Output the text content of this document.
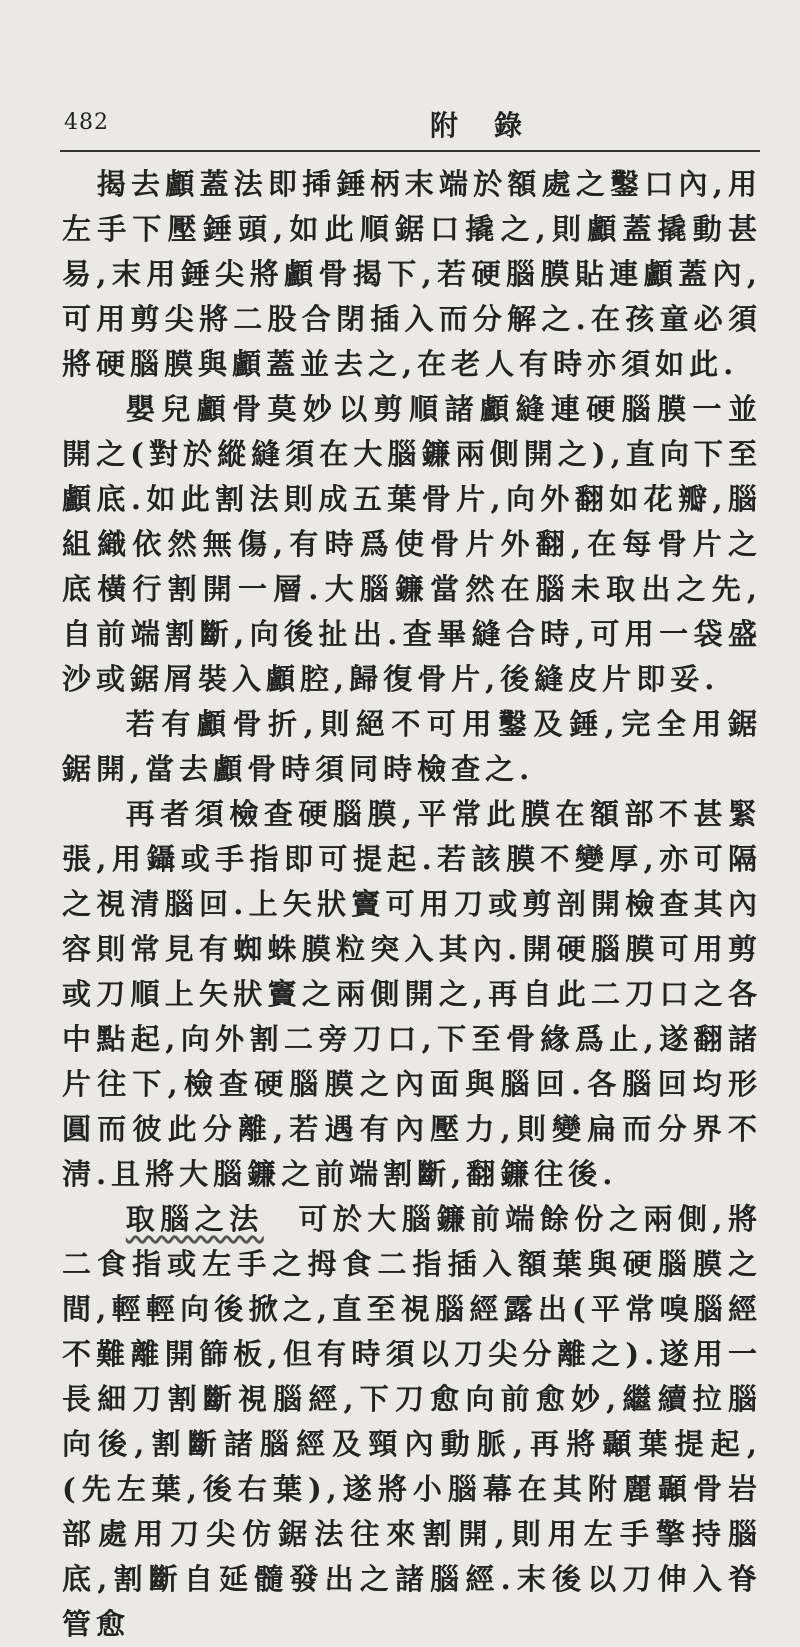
482	附錄

揭去顱蓋法即揷錘柄末端於額處之鑿口內,用左手下壓錘頭,如此順鋸口撬之,則顱蓋撬動甚易,末用錘尖將顱骨揭下,若硬腦膜貼連顱蓋內,可用剪尖將二股合閉插入而分解之.在孩童必須將硬腦膜與顱蓋並去之,在老人有時亦須如此.

嬰兒顱骨莫妙以剪順諸顱縫連硬腦膜一並開之(對於縱縫須在大腦鐮兩側開之),直向下至顱底.如此割法則成五葉骨片,向外翻如花瓣,腦組織依然無傷,有時爲使骨片外翻,在每骨片之底橫行割開一層.大腦鐮當然在腦未取出之先,自前端割斷,向後扯出.查畢縫合時,可用一袋盛沙或鋸屑裝入顱腔,歸復骨片,後縫皮片即妥.

若有顱骨折,則絕不可用鑿及錘,完全用鋸鋸開,當去顱骨時須同時檢查之.

再者須檢查硬腦膜,平常此膜在額部不甚緊張,用鑷或手指即可提起.若該膜不變厚,亦可隔之視清腦回.上矢狀竇可用刀或剪剖開檢查其內容則常見有蜘蛛膜粒突入其內.開硬腦膜可用剪或刀順上矢狀竇之兩側開之,再自此二刀口之各中點起,向外割二旁刀口,下至骨緣爲止,遂翻諸片往下,檢查硬腦膜之內面與腦回.各腦回均形圓而彼此分離,若遇有內壓力,則變扁而分界不淸.且將大腦鐮之前端割斷,翻鐮往後.

取腦之法  可於大腦鐮前端餘份之兩側,將二食指或左手之拇食二指插入額葉與硬腦膜之間,輕輕向後掀之,直至視腦經露出(平常嗅腦經不難離開篩板,但有時須以刀尖分離之).遂用一長細刀割斷視腦經,下刀愈向前愈妙,繼續拉腦向後,割斷諸腦經及頸內動脈,再將顳葉提起,(先左葉,後右葉),遂將小腦幕在其附麗顳骨岩部處用刀尖仿鋸法往來割開,則用左手擎持腦底,割斷自延髓發出之諸腦經.末後以刀伸入脊管愈
